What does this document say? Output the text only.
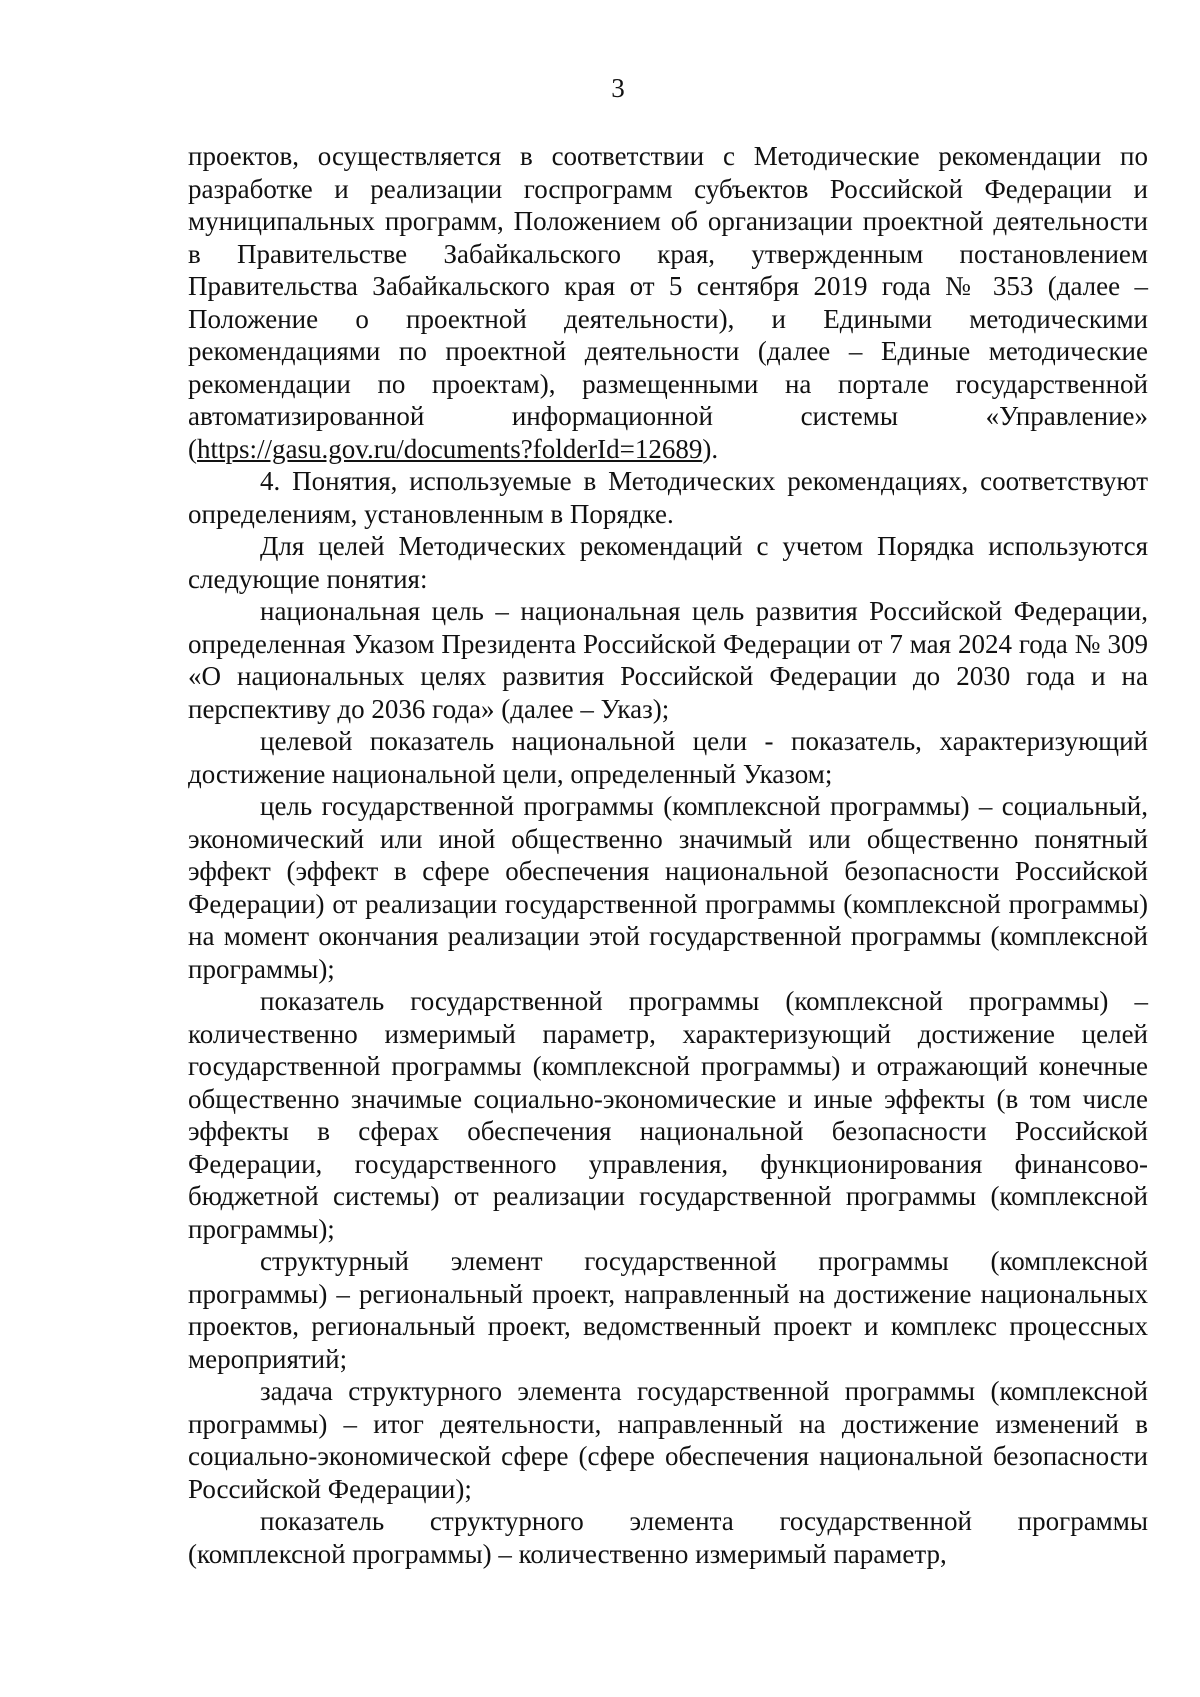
3

проектов, осуществляется в соответствии с Методические рекомендации по разработке и реализации госпрограмм субъектов Российской Федерации и муниципальных программ, Положением об организации проектной деятельности в Правительстве Забайкальского края, утвержденным постановлением Правительства Забайкальского края от 5 сентября 2019 года № 353 (далее – Положение о проектной деятельности), и Едиными методическими рекомендациями по проектной деятельности (далее – Единые методические рекомендации по проектам), размещенными на портале государственной автоматизированной информационной системы «Управление» (https://gasu.gov.ru/documents?folderId=12689).

4. Понятия, используемые в Методических рекомендациях, соответствуют определениям, установленным в Порядке.

Для целей Методических рекомендаций с учетом Порядка используются следующие понятия:

национальная цель – национальная цель развития Российской Федерации, определенная Указом Президента Российской Федерации от 7 мая 2024 года № 309 «О национальных целях развития Российской Федерации до 2030 года и на перспективу до 2036 года» (далее – Указ);

целевой показатель национальной цели - показатель, характеризующий достижение национальной цели, определенный Указом;

цель государственной программы (комплексной программы) – социальный, экономический или иной общественно значимый или общественно понятный эффект (эффект в сфере обеспечения национальной безопасности Российской Федерации) от реализации государственной программы (комплексной программы) на момент окончания реализации этой государственной программы (комплексной программы);

показатель государственной программы (комплексной программы) – количественно измеримый параметр, характеризующий достижение целей государственной программы (комплексной программы) и отражающий конечные общественно значимые социально-экономические и иные эффекты (в том числе эффекты в сферах обеспечения национальной безопасности Российской Федерации, государственного управления, функционирования финансово-бюджетной системы) от реализации государственной программы (комплексной программы);

структурный элемент государственной программы (комплексной программы) – региональный проект, направленный на достижение национальных проектов, региональный проект, ведомственный проект и комплекс процессных мероприятий;

задача структурного элемента государственной программы (комплексной программы) – итог деятельности, направленный на достижение изменений в социально-экономической сфере (сфере обеспечения национальной безопасности Российской Федерации);

показатель структурного элемента государственной программы (комплексной программы) – количественно измеримый параметр,
